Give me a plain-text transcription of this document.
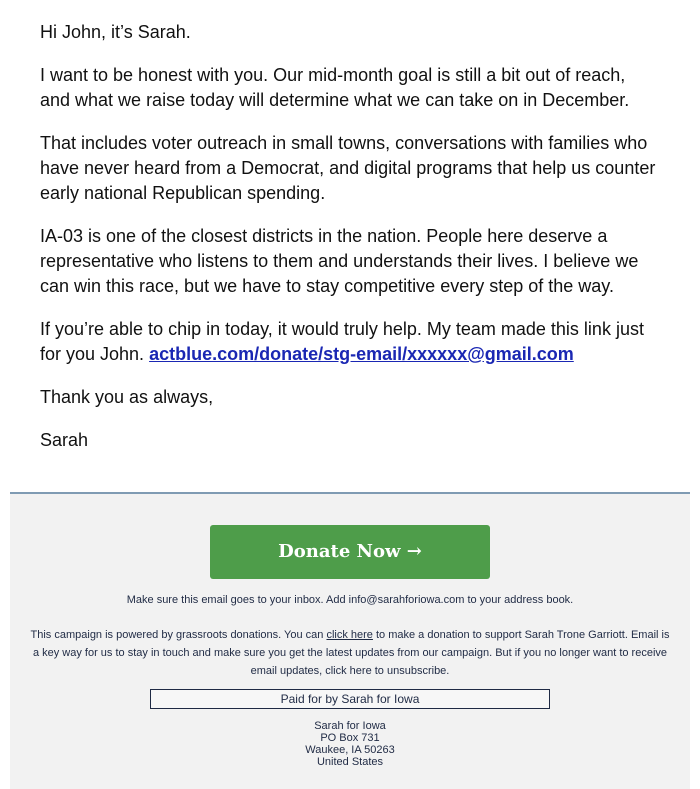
Hi John, it’s Sarah.

I want to be honest with you. Our mid-month goal is still a bit out of reach, and what we raise today will determine what we can take on in December.

That includes voter outreach in small towns, conversations with families who have never heard from a Democrat, and digital programs that help us counter early national Republican spending.

IA-03 is one of the closest districts in the nation. People here deserve a representative who listens to them and understands their lives. I believe we can win this race, but we have to stay competitive every step of the way.

If you’re able to chip in today, it would truly help. My team made this link just for you John. actblue.com/donate/stg-email/xxxxxx@gmail.com

Thank you as always,

Sarah

Donate Now →
Make sure this email goes to your inbox. Add info@sarahforiowa.com to your address book.
This campaign is powered by grassroots donations. You can click here to make a donation to support Sarah Trone Garriott. Email is a key way for us to stay in touch and make sure you get the latest updates from our campaign. But if you no longer want to receive email updates, click here to unsubscribe.
Paid for by Sarah for Iowa
Sarah for Iowa
PO Box 731
Waukee, IA 50263
United States
